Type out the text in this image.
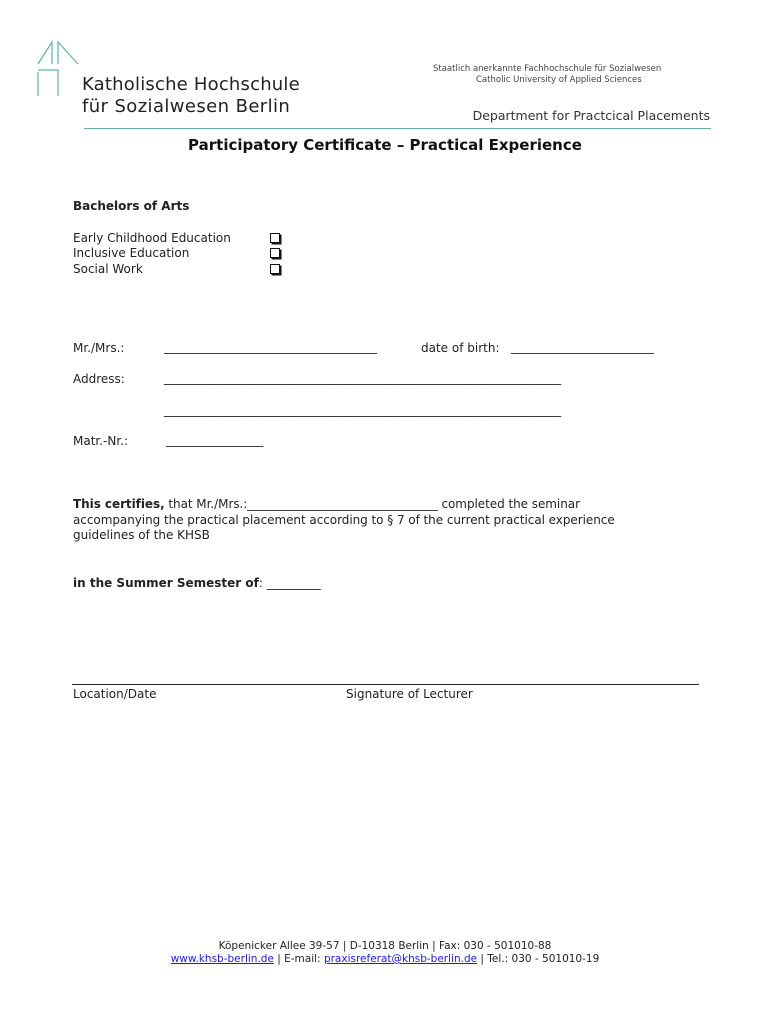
Katholische Hochschule
für Sozialwesen Berlin
Staatlich anerkannte Fachhochschule für Sozialwesen
Catholic University of Applied Sciences
Department for Practcical Placements
Participatory Certificate – Practical Experience
Bachelors of Arts
Early Childhood Education
Inclusive Education
Social Work
Mr./Mrs.:	_____________________________________	date of birth: _________________________
Address:	______________________________________________________________________
______________________________________________________________________
Matr.-Nr.:	_________________
This certifies, that Mr./Mrs.:________________________________ completed the seminar
accompanying the practical placement according to § 7 of the current practical experience
guidelines of the KHSB
in the Summer Semester of: _________
Location/Date	Signature of Lecturer
Köpenicker Allee 39-57 | D-10318 Berlin | Fax: 030 - 501010-88
www.khsb-berlin.de | E-mail: praxisreferat@khsb-berlin.de | Tel.: 030 - 501010-19
